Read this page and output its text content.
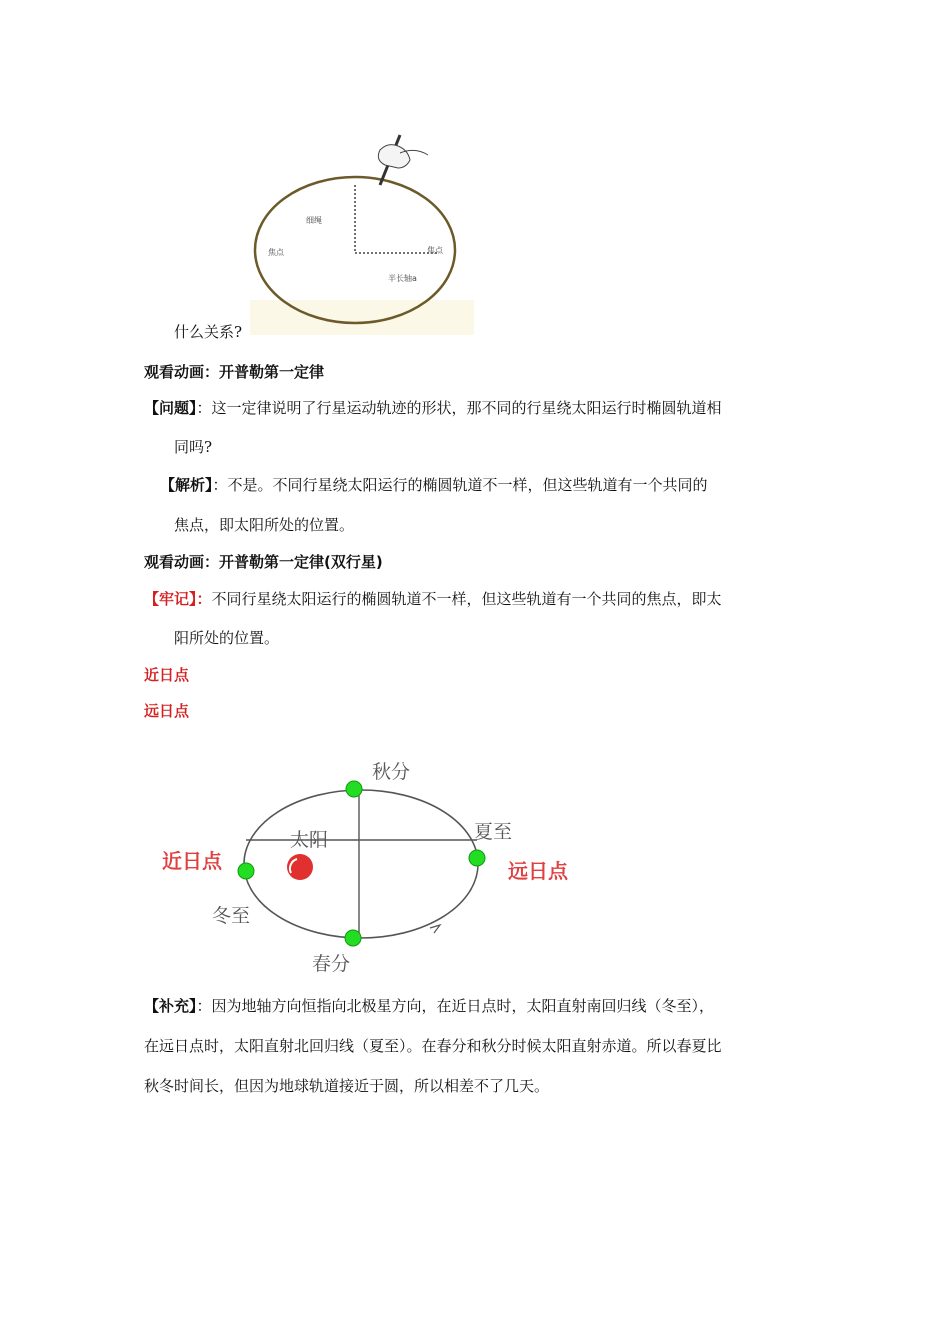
细绳
焦点	焦点
半长轴a
什么关系?
观看动画：开普勒第一定律
【问题】：这一定律说明了行星运动轨迹的形状，那不同的行星绕太阳运行时椭圆轨道相
同吗?
【解析】：不是。不同行星绕太阳运行的椭圆轨道不一样，但这些轨道有一个共同的
焦点，即太阳所处的位置。
观看动画：开普勒第一定律(双行星)
【牢记】：不同行星绕太阳运行的椭圆轨道不一样，但这些轨道有一个共同的焦点，即太
阳所处的位置。
近日点
远日点
秋分
太阳	夏至
近日点	远日点
冬至
春分
【补充】：因为地轴方向恒指向北极星方向，在近日点时，太阳直射南回归线（冬至），
在远日点时，太阳直射北回归线（夏至）。在春分和秋分时候太阳直射赤道。所以春夏比
秋冬时间长，但因为地球轨道接近于圆，所以相差不了几天。
